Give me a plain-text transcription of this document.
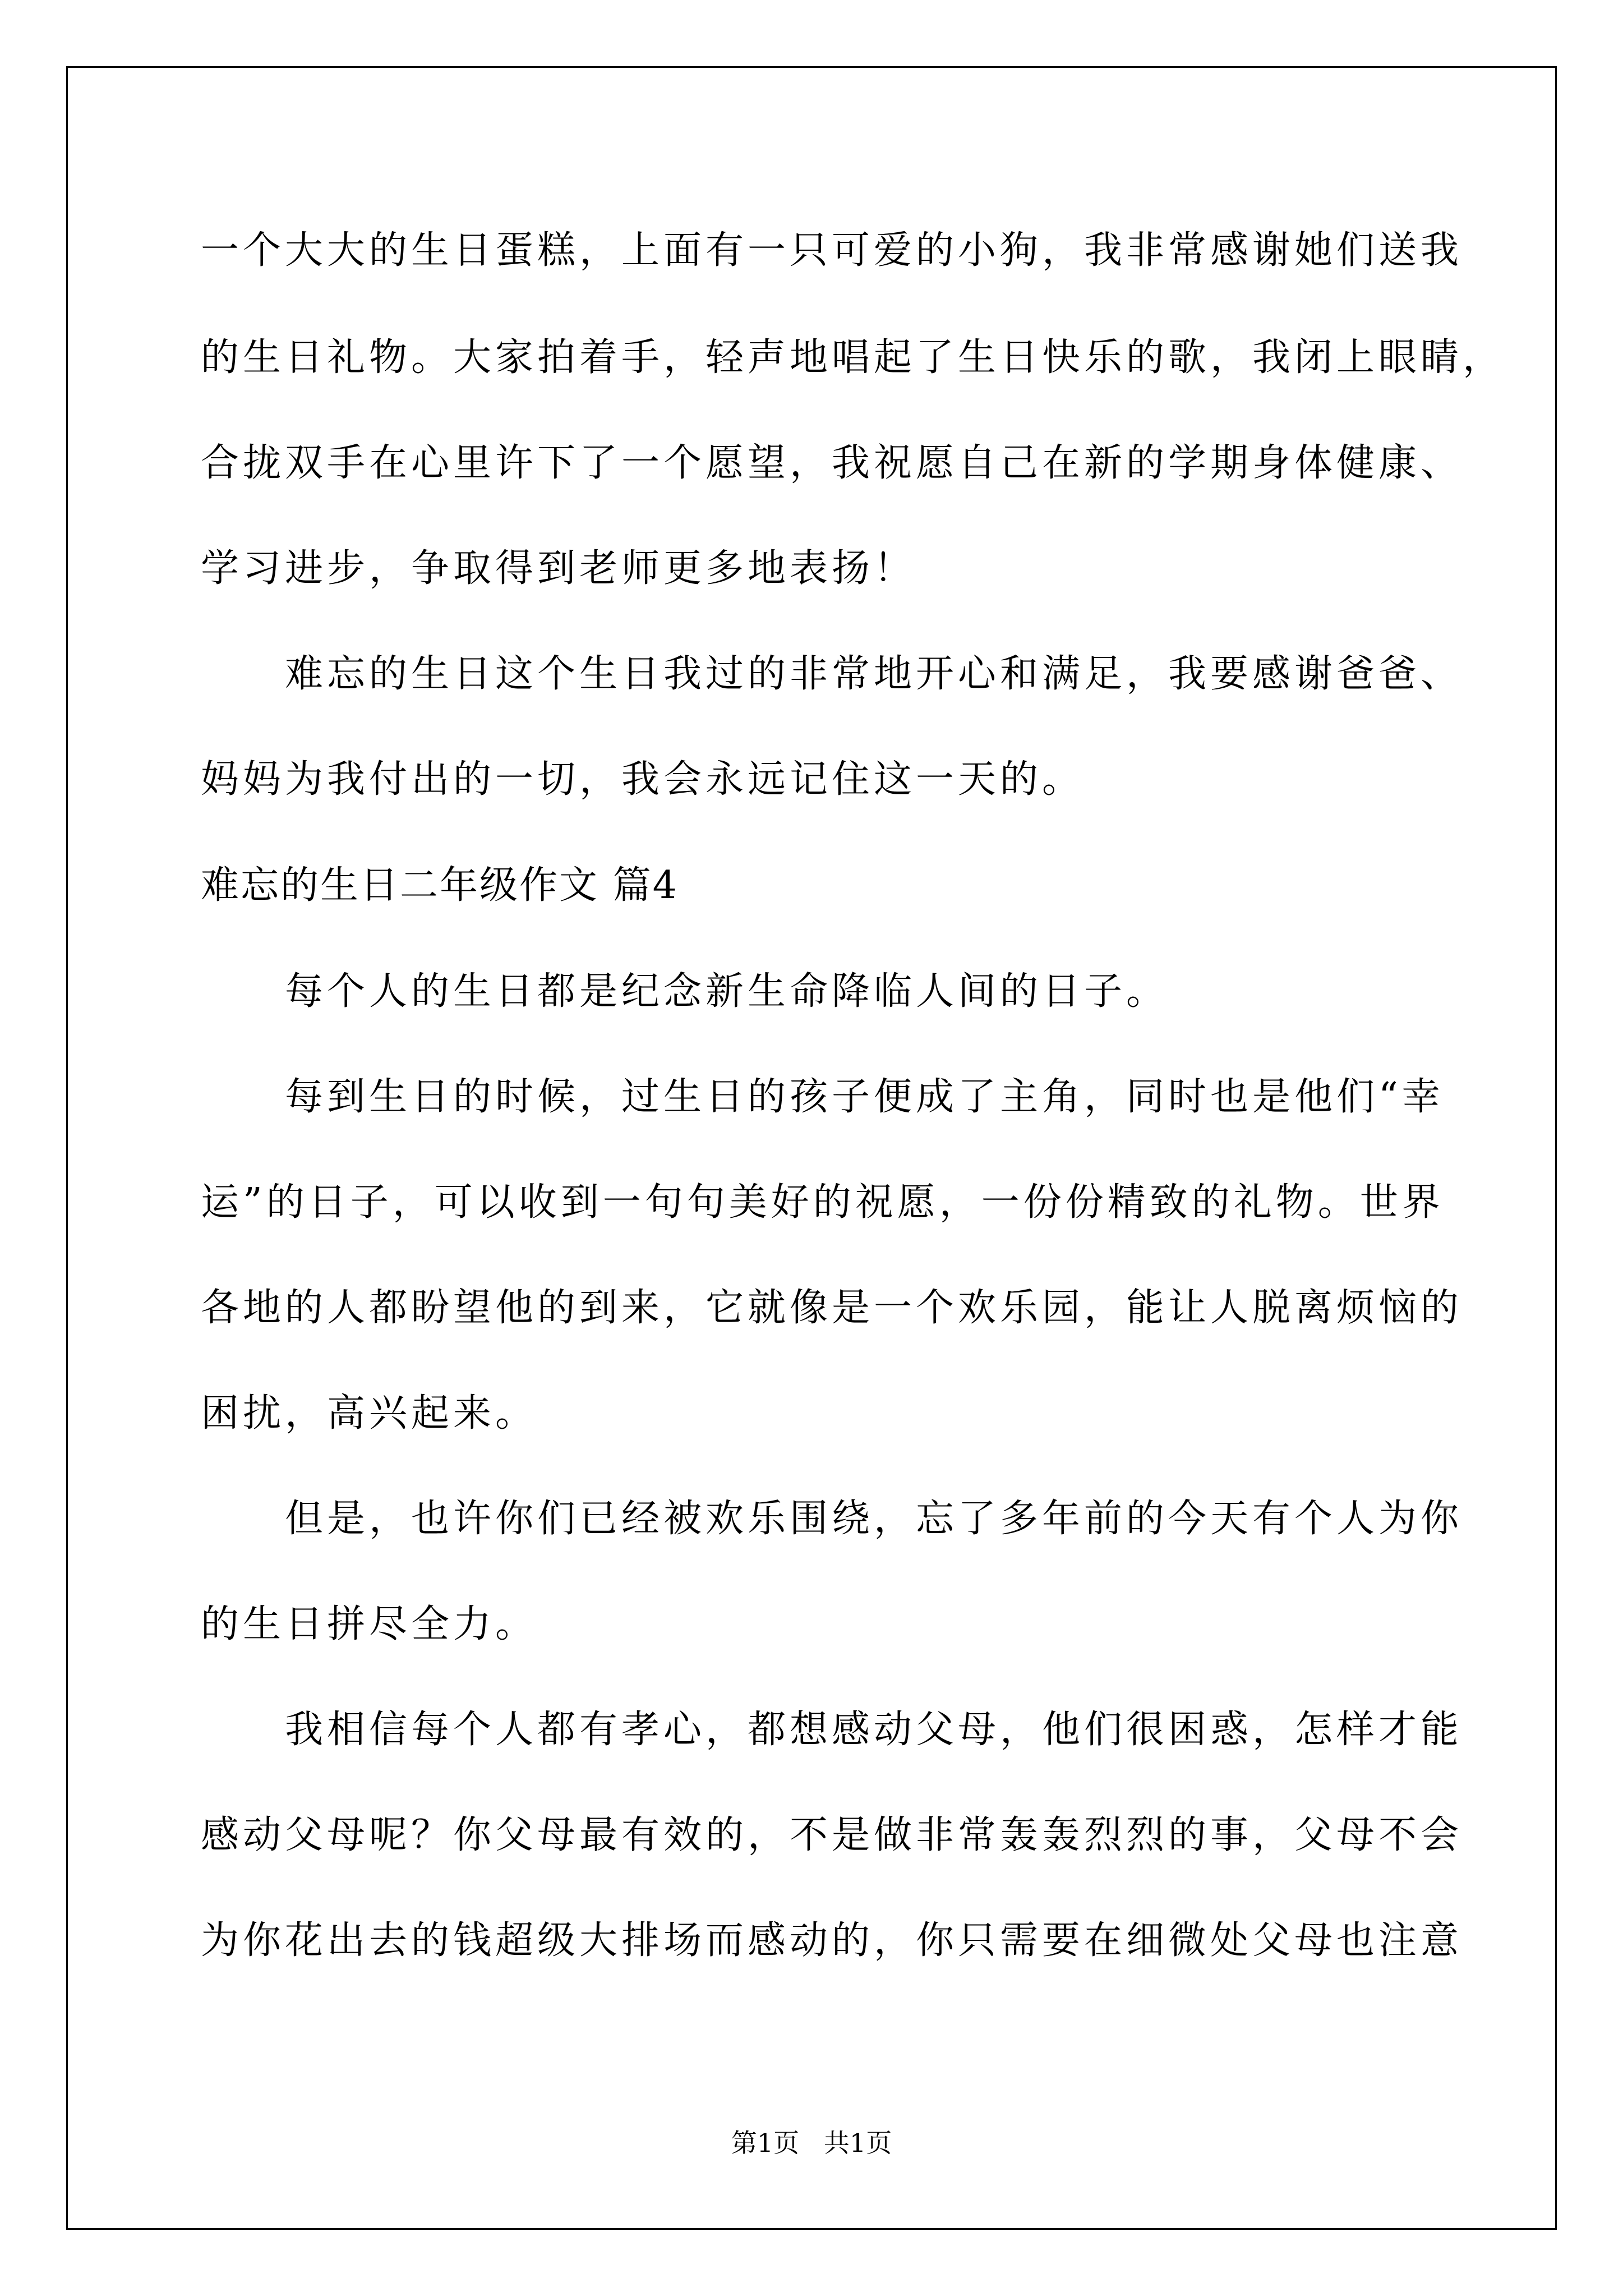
一个大大的生日蛋糕，上面有一只可爱的小狗，我非常感谢她们送我
的生日礼物。大家拍着手，轻声地唱起了生日快乐的歌，我闭上眼睛，
合拢双手在心里许下了一个愿望，我祝愿自己在新的学期身体健康、
学习进步，争取得到老师更多地表扬！
　　难忘的生日这个生日我过的非常地开心和满足，我要感谢爸爸、
妈妈为我付出的一切，我会永远记住这一天的。
难忘的生日二年级作文 篇4
　　每个人的生日都是纪念新生命降临人间的日子。
　　每到生日的时候，过生日的孩子便成了主角，同时也是他们“幸
运”的日子，可以收到一句句美好的祝愿，一份份精致的礼物。世界
各地的人都盼望他的到来，它就像是一个欢乐园，能让人脱离烦恼的
困扰，高兴起来。
　　但是，也许你们已经被欢乐围绕，忘了多年前的今天有个人为你
的生日拼尽全力。
　　我相信每个人都有孝心，都想感动父母，他们很困惑，怎样才能
感动父母呢？你父母最有效的，不是做非常轰轰烈烈的事，父母不会
为你花出去的钱超级大排场而感动的，你只需要在细微处父母也注意
第1页   共1页
